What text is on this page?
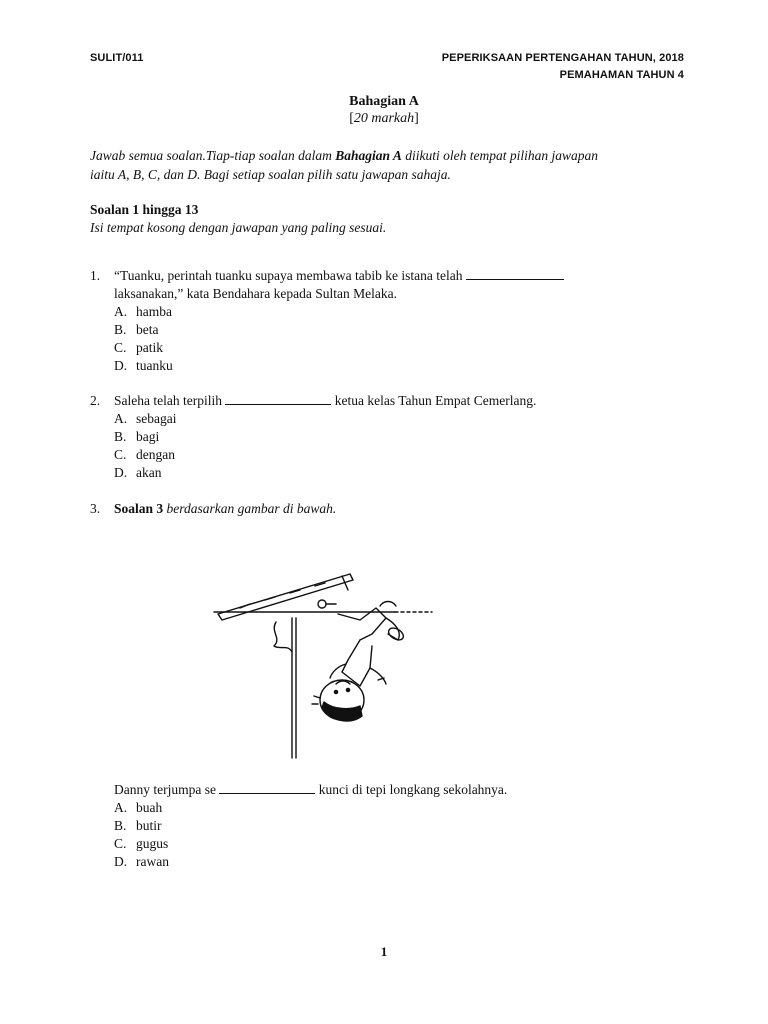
SULIT/011	PEPERIKSAAN PERTENGAHAN TAHUN, 2018
PEMAHAMAN TAHUN 4
Bahagian A
[20 markah]
Jawab semua soalan.Tiap-tiap soalan dalam Bahagian A diikuti oleh tempat pilihan jawapan
iaitu A, B, C, dan D. Bagi setiap soalan pilih satu jawapan sahaja.
Soalan 1 hingga 13
Isi tempat kosong dengan jawapan yang paling sesuai.
1. “Tuanku, perintah tuanku supaya membawa tabib ke istana telah
laksanakan,” kata Bendahara kepada Sultan Melaka.
A. hamba
B. beta
C. patik
D. tuanku
2. Saleha telah terpilih	ketua kelas Tahun Empat Cemerlang.
A. sebagai
B. bagi
C. dengan
D. akan
3. Soalan 3 berdasarkan gambar di bawah.
Danny terjumpa se	kunci di tepi longkang sekolahnya.
A. buah
B. butir
C. gugus
D. rawan
1
